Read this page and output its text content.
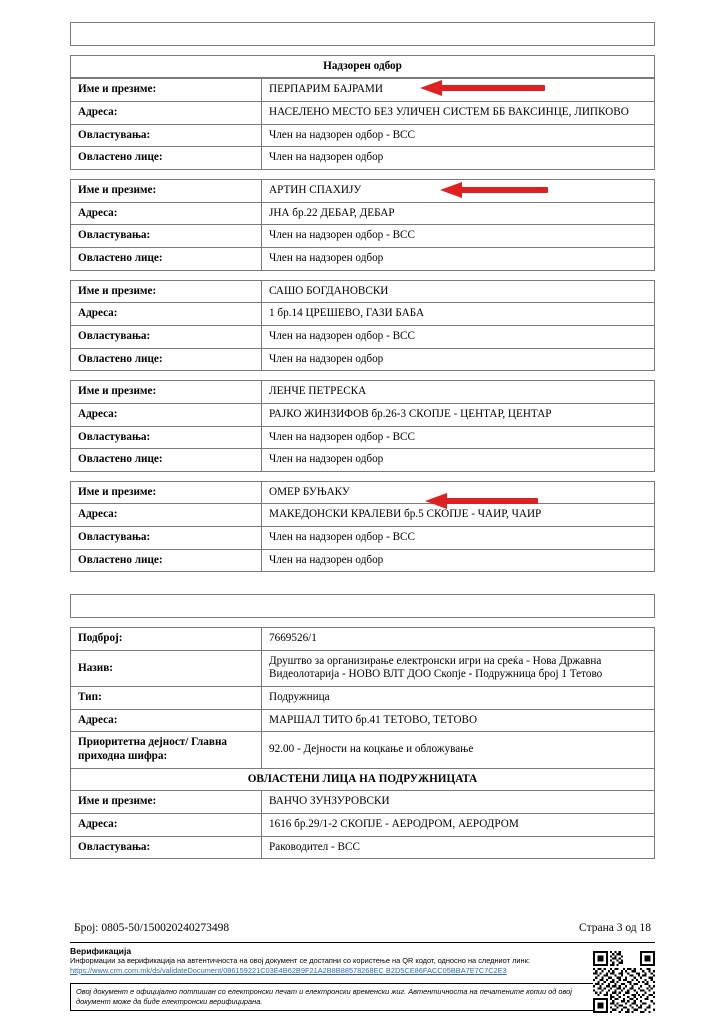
ОДБОРИ
Надзорен одбор
Име и презиме:	ПЕРПАРИМ БАЈРАМИ
Адреса:	НАСЕЛЕНО МЕСТО БЕЗ УЛИЧЕН СИСТЕМ ББ ВАКСИНЦЕ, ЛИПКОВО
Овластувања:	Член на надзорен одбор - ВСС
Овластено лице:	Член на надзорен одбор
Име и презиме:	АРТИН СПАХИЈУ
Адреса:	ЈНА бр.22 ДЕБАР, ДЕБАР
Овластувања:	Член на надзорен одбор - ВСС
Овластено лице:	Член на надзорен одбор
Име и презиме:	САШО БОГДАНОВСКИ
Адреса:	1 бр.14 ЦРЕШЕВО, ГАЗИ БАБА
Овластувања:	Член на надзорен одбор - ВСС
Овластено лице:	Член на надзорен одбор
Име и презиме:	ЛЕНЧЕ ПЕТРЕСКА
Адреса:	РАЈКО ЖИНЗИФОВ бр.26-3 СКОПЈЕ - ЦЕНТАР, ЦЕНТАР
Овластувања:	Член на надзорен одбор - ВСС
Овластено лице:	Член на надзорен одбор
Име и презиме:	ОМЕР БУЊАКУ
Адреса:	МАКЕДОНСКИ КРАЛЕВИ бр.5 СКОПЈЕ - ЧАИР, ЧАИР
Овластувања:	Член на надзорен одбор - ВСС
Овластено лице:	Член на надзорен одбор
ПОДРУЖНИЦИ
Подброј:	7669526/1
Назив:	Друштво за организирање електронски игри на среќа - Нова Државна Видеолотарија - НОВО ВЛТ ДОО Скопје - Подружница број 1 Тетово
Тип:	Подружница
Адреса:	МАРШАЛ ТИТО бр.41 ТЕТОВО, ТЕТОВО
Приоритетна дејност/ Главна приходна шифра:	92.00 - Дејности на коцкање и обложување
ОВЛАСТЕНИ ЛИЦА НА ПОДРУЖНИЦАТА	
Име и презиме:	ВАНЧО ЗУНЗУРОВСКИ
Адреса:	1616 бр.29/1-2 СКОПЈЕ - АЕРОДРОМ, АЕРОДРОМ
Овластувања:	Раководител - ВСС
Број: 0805-50/150020240273498	Страна 3 од 18
Верификација
Информации за верификација на автентичноста на овој документ се достапни со користење на QR кодот, односно на следниот линк:
https://www.crm.com.mk/ds/validateDocument/086159221C03E4B62B9F21A2B8B88578268EC B2D5CE86FACC05BBA7E7C7C2E3
Овој документ е официјално потпишан со електронски печат и електронски временски жиг. Автентичноста на печатените копии од овој документ може да биде електронски верифицирана.
